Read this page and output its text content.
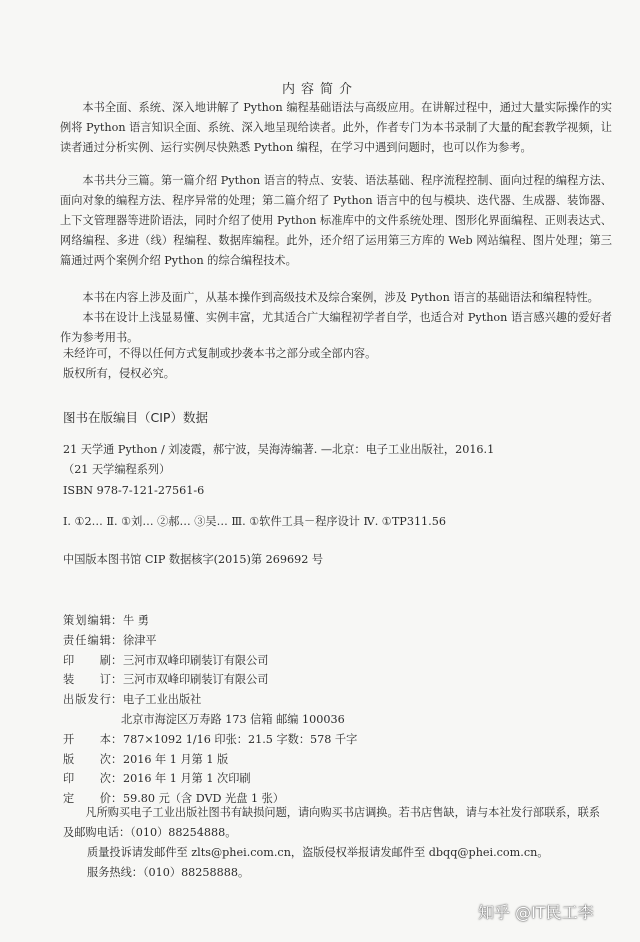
内容简介

本书全面、系统、深入地讲解了 Python 编程基础语法与高级应用。在讲解过程中，通过大量实际操作的实例将 Python 语言知识全面、系统、深入地呈现给读者。此外，作者专门为本书录制了大量的配套教学视频，让读者通过分析实例、运行实例尽快熟悉 Python 编程，在学习中遇到问题时，也可以作为参考。

本书共分三篇。第一篇介绍 Python 语言的特点、安装、语法基础、程序流程控制、面向过程的编程方法、面向对象的编程方法、程序异常的处理；第二篇介绍了 Python 语言中的包与模块、迭代器、生成器、装饰器、上下文管理器等进阶语法，同时介绍了使用 Python 标准库中的文件系统处理、图形化界面编程、正则表达式、网络编程、多进（线）程编程、数据库编程。此外，还介绍了运用第三方库的 Web 网站编程、图片处理；第三篇通过两个案例介绍 Python 的综合编程技术。

本书在内容上涉及面广，从基本操作到高级技术及综合案例，涉及 Python 语言的基础语法和编程特性。

本书在设计上浅显易懂、实例丰富，尤其适合广大编程初学者自学，也适合对 Python 语言感兴趣的爱好者作为参考用书。

未经许可，不得以任何方式复制或抄袭本书之部分或全部内容。
版权所有，侵权必究。
图书在版编目（CIP）数据
21 天学通 Python / 刘凌霞，郝宁波，吴海涛编著. —北京：电子工业出版社，2016.1
（21 天学编程系列）
ISBN 978-7-121-27561-6
Ⅰ. ①2… Ⅱ. ①刘… ②郝… ③吴… Ⅲ. ①软件工具－程序设计 Ⅳ. ①TP311.56
中国版本图书馆 CIP 数据核字(2015)第 269692 号
策划编辑：牛 勇
责任编辑：徐津平
印刷：三河市双峰印刷装订有限公司
装订：三河市双峰印刷装订有限公司
出版发行：电子工业出版社
北京市海淀区万寿路 173 信箱 邮编 100036
开本：787×1092 1/16 印张：21.5 字数：578 千字
版次：2016 年 1 月第 1 版
印次：2016 年 1 月第 1 次印刷
定价：59.80 元（含 DVD 光盘 1 张）

凡所购买电子工业出版社图书有缺损问题，请向购买书店调换。若书店售缺，请与本社发行部联系，联系及邮购电话：（010）88254888。

质量投诉请发邮件至 zlts@phei.com.cn，盗版侵权举报请发邮件至 dbqq@phei.com.cn。

服务热线：（010）88258888。

知乎 @IT民工李
